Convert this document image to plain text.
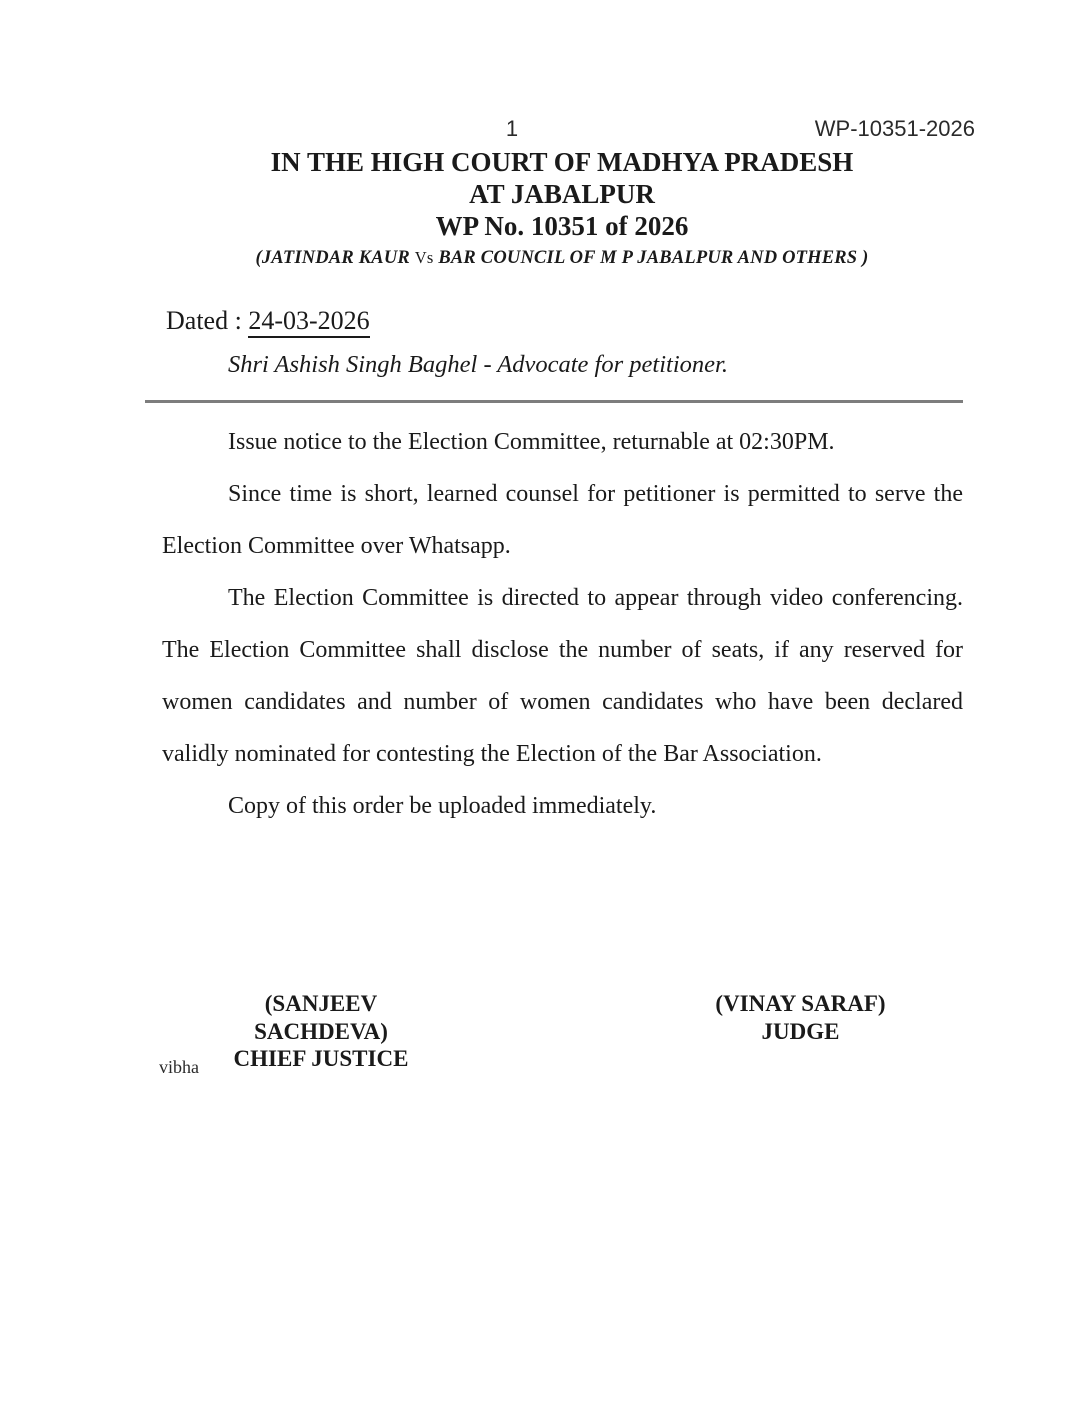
1	WP-10351-2026
IN THE HIGH COURT OF MADHYA PRADESH
AT JABALPUR
WP No. 10351 of 2026
(JATINDAR KAUR Vs BAR COUNCIL OF M P JABALPUR AND OTHERS )
Dated : 24-03-2026
Shri Ashish Singh Baghel - Advocate for petitioner.

Issue notice to the Election Committee, returnable at 02:30PM.

Since time is short, learned counsel for petitioner is permitted to serve the Election Committee over Whatsapp.

The Election Committee is directed to appear through video conferencing. The Election Committee shall disclose the number of seats, if any reserved for women candidates and number of women candidates who have been declared validly nominated for contesting the Election of the Bar Association.

Copy of this order be uploaded immediately.

(SANJEEV SACHDEVA)
CHIEF JUSTICE
(VINAY SARAF)
JUDGE
vibha
